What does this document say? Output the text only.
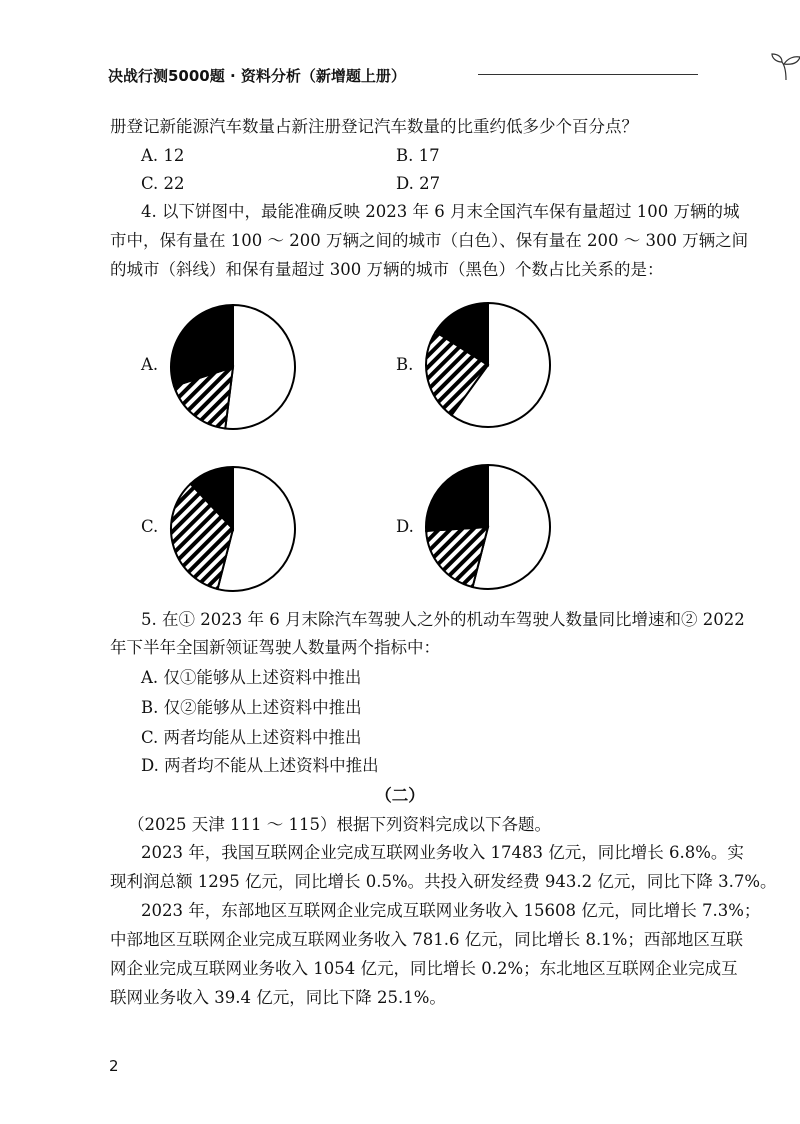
决战行测5000题 · 资料分析（新增题上册）
册登记新能源汽车数量占新注册登记汽车数量的比重约低多少个百分点？
A. 12	B. 17
C. 22	D. 27
4. 以下饼图中，最能准确反映 2023 年 6 月末全国汽车保有量超过 100 万辆的城
市中，保有量在 100 ～ 200 万辆之间的城市（白色）、保有量在 200 ～ 300 万辆之间
的城市（斜线）和保有量超过 300 万辆的城市（黑色）个数占比关系的是：
A.	B.
C.	D.
5. 在① 2023 年 6 月末除汽车驾驶人之外的机动车驾驶人数量同比增速和② 2022
年下半年全国新领证驾驶人数量两个指标中：
A. 仅①能够从上述资料中推出
B. 仅②能够从上述资料中推出
C. 两者均能从上述资料中推出
D. 两者均不能从上述资料中推出
（二）
（2025 天津 111 ～ 115）根据下列资料完成以下各题。
2023 年，我国互联网企业完成互联网业务收入 17483 亿元，同比增长 6.8%。实
现利润总额 1295 亿元，同比增长 0.5%。共投入研发经费 943.2 亿元，同比下降 3.7%。
2023 年，东部地区互联网企业完成互联网业务收入 15608 亿元，同比增长 7.3%；
中部地区互联网企业完成互联网业务收入 781.6 亿元，同比增长 8.1%；西部地区互联
网企业完成互联网业务收入 1054 亿元，同比增长 0.2%；东北地区互联网企业完成互
联网业务收入 39.4 亿元，同比下降 25.1%。
2
